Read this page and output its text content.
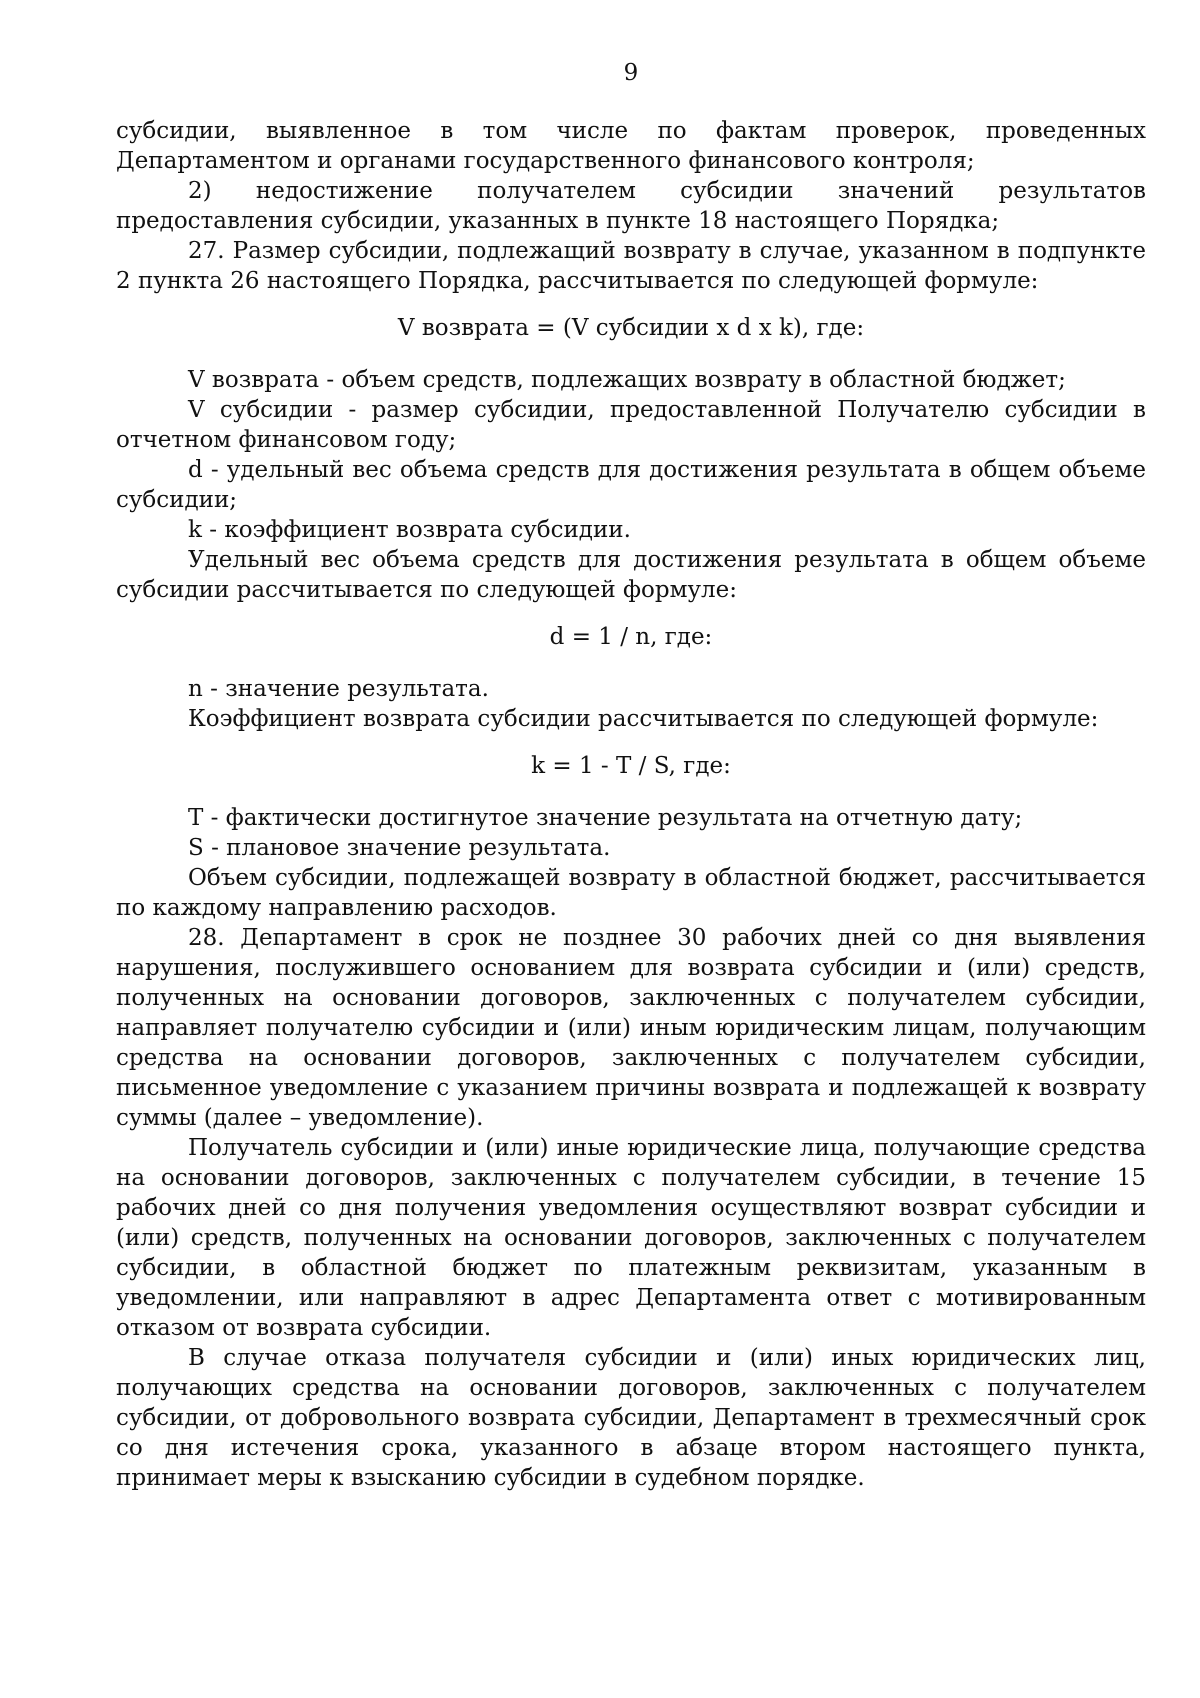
9

субсидии, выявленное в том числе по фактам проверок, проведенных Департаментом и органами государственного финансового контроля;

2) недостижение получателем субсидии значений результатов предоставления субсидии, указанных в пункте 18 настоящего Порядка;

27. Размер субсидии, подлежащий возврату в случае, указанном в подпункте 2 пункта 26 настоящего Порядка, рассчитывается по следующей формуле:

V возврата = (V субсидии x d x k), где:

V возврата - объем средств, подлежащих возврату в областной бюджет;

V субсидии - размер субсидии, предоставленной Получателю субсидии в отчетном финансовом году;

d - удельный вес объема средств для достижения результата в общем объеме субсидии;

k - коэффициент возврата субсидии.

Удельный вес объема средств для достижения результата в общем объеме субсидии рассчитывается по следующей формуле:

d = 1 / n, где:

n - значение результата.

Коэффициент возврата субсидии рассчитывается по следующей формуле:

k = 1 - T / S, где:

T - фактически достигнутое значение результата на отчетную дату;

S - плановое значение результата.

Объем субсидии, подлежащей возврату в областной бюджет, рассчитывается по каждому направлению расходов.

28. Департамент в срок не позднее 30 рабочих дней со дня выявления нарушения, послужившего основанием для возврата субсидии и (или) средств, полученных на основании договоров, заключенных с получателем субсидии, направляет получателю субсидии и (или) иным юридическим лицам, получающим средства на основании договоров, заключенных с получателем субсидии, письменное уведомление с указанием причины возврата и подлежащей к возврату суммы (далее – уведомление).

Получатель субсидии и (или) иные юридические лица, получающие средства на основании договоров, заключенных с получателем субсидии, в течение 15 рабочих дней со дня получения уведомления осуществляют возврат субсидии и (или) средств, полученных на основании договоров, заключенных с получателем субсидии, в областной бюджет по платежным реквизитам, указанным в уведомлении, или направляют в адрес Департамента ответ с мотивированным отказом от возврата субсидии.

В случае отказа получателя субсидии и (или) иных юридических лиц, получающих средства на основании договоров, заключенных с получателем субсидии, от добровольного возврата субсидии, Департамент в трехмесячный срок со дня истечения срока, указанного в абзаце втором настоящего пункта, принимает меры к взысканию субсидии в судебном порядке.
